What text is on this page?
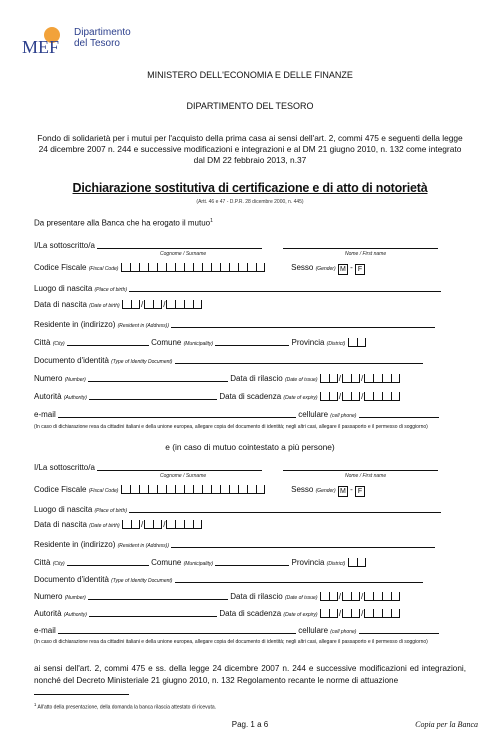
MEF
Dipartimento
del Tesoro
MINISTERO DELL'ECONOMIA E DELLE FINANZE
DIPARTIMENTO DEL TESORO
Fondo di solidarietà per i mutui per l'acquisto della prima casa ai sensi dell'art. 2, commi 475 e seguenti della legge 24 dicembre 2007 n. 244 e successive modificazioni e integrazioni e al DM 21 giugno 2010, n. 132 come integrato dal DM 22 febbraio 2013, n.37
Dichiarazione sostitutiva di certificazione e di atto di notorietà
(Artt. 46 e 47 - D.P.R. 28 dicembre 2000, n. 445)
Da presentare alla Banca che ha erogato il mutuo$^1$
I/La sottoscritto/a
Cognome / Surname	Nome / First name
Codice Fiscale (Fiscal Code)	Sesso (Gender) M - F
Luogo di nascita (Place of birth)
Data di nascita (Date of birth)	/	/
Residente in (indirizzo) (Resident in (Address))
Città (City)	Comune (Municipality)	Provincia (District)
Documento d'identità (Type of Identity Document)
Numero (Number)	Data di rilascio (Date of issue)	/	/
Autorità (Authority)	Data di scadenza (Date of expiry)	/	/
e-mail	cellulare (cell phone)
(In caso di dichiarazione resa da cittadini italiani e della unione europea, allegare copia del documento di identità; negli altri casi, allegare il passaporto e il permesso di soggiorno)
e (in caso di mutuo cointestato a più persone)
I/La sottoscritto/a
Cognome / Surname	Nome / First name
Codice Fiscale (Fiscal Code)	Sesso (Gender) M - F
Luogo di nascita (Place of birth)
Data di nascita (Date of birth)	/	/
Residente in (indirizzo) (Resident in (Address))
Città (City)	Comune (Municipality)	Provincia (District)
Documento d'identità (Type of Identity Document)
Numero (Number)	Data di rilascio (Date of issue)	/	/
Autorità (Authority)	Data di scadenza (Date of expiry)	/	/
e-mail	cellulare (cell phone)
(In caso di dichiarazione resa da cittadini italiani e della unione europea, allegare copia del documento di identità; negli altri casi, allegare il passaporto e il permesso di soggiorno)
ai sensi dell'art. 2, commi 475 e ss. della legge 24 dicembre 2007 n. 244 e successive modificazioni ed integrazioni, nonché del Decreto Ministeriale 21 giugno 2010, n. 132 Regolamento recante le norme di attuazione
$^1$ All'atto della presentazione, della domanda la banca rilascia attestato di ricevuta.
Pag. 1 a 6	Copia per la Banca
